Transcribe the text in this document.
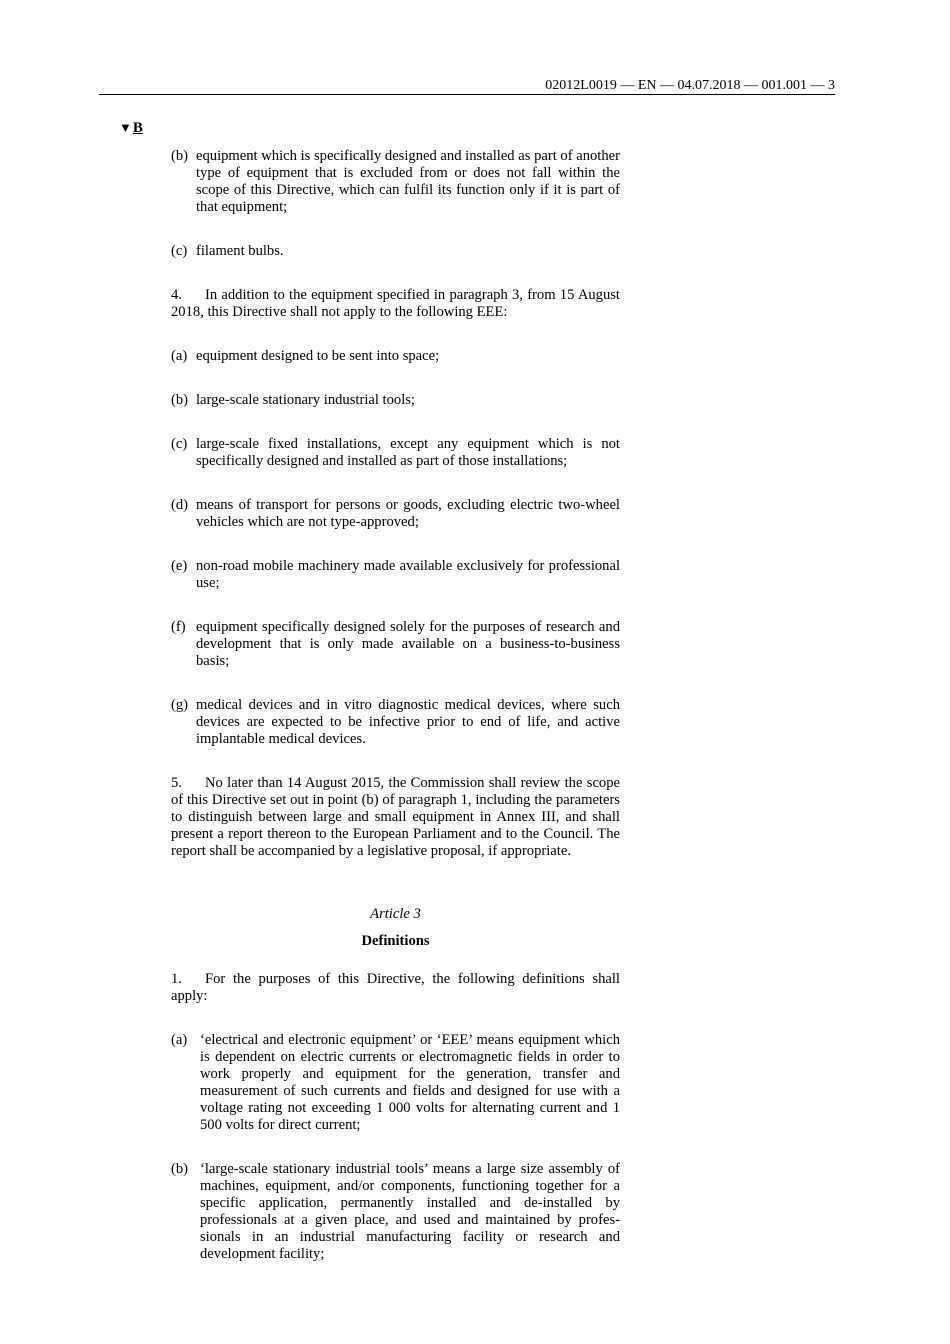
02012L0019 — EN — 04.07.2018 — 001.001 — 3
▼B
(b) equipment which is specifically designed and installed as part of another type of equipment that is excluded from or does not fall within the scope of this Directive, which can fulfil its function only if it is part of that equipment;
(c) filament bulbs.
4. In addition to the equipment specified in paragraph 3, from 15 August 2018, this Directive shall not apply to the following EEE:
(a) equipment designed to be sent into space;
(b) large-scale stationary industrial tools;
(c) large-scale fixed installations, except any equipment which is not specifically designed and installed as part of those installations;
(d) means of transport for persons or goods, excluding electric two-wheel vehicles which are not type-approved;
(e) non-road mobile machinery made available exclusively for professional use;
(f) equipment specifically designed solely for the purposes of research and development that is only made available on a business-to-business basis;
(g) medical devices and in vitro diagnostic medical devices, where such devices are expected to be infective prior to end of life, and active implantable medical devices.
5. No later than 14 August 2015, the Commission shall review the scope of this Directive set out in point (b) of paragraph 1, including the parameters to distinguish between large and small equipment in Annex III, and shall present a report thereon to the European Parliament and to the Council. The report shall be accompanied by a legislative proposal, if appropriate.
Article 3
Definitions
1. For the purposes of this Directive, the following definitions shall apply:
(a) ‘electrical and electronic equipment’ or ‘EEE’ means equipment which is dependent on electric currents or electromagnetic fields in order to work properly and equipment for the generation, transfer and measurement of such currents and fields and designed for use with a voltage rating not exceeding 1 000 volts for alternating current and 1 500 volts for direct current;
(b) ‘large-scale stationary industrial tools’ means a large size assembly of machines, equipment, and/or components, functioning together for a specific application, permanently installed and de-installed by professionals at a given place, and used and maintained by professionals in an industrial manufacturing facility or research and development facility;
